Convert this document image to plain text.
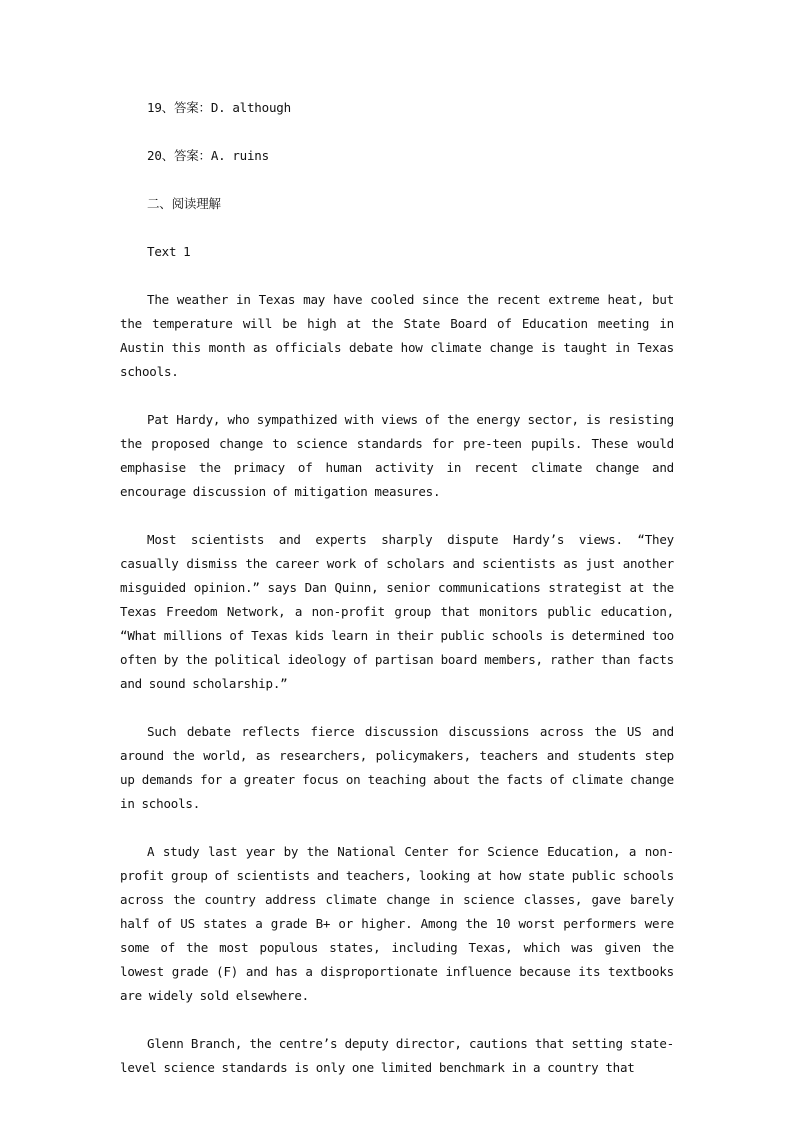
19、答案：D. although

20、答案：A. ruins

二、阅读理解

Text 1

The weather in Texas may have cooled since the recent extreme heat, but the temperature will be high at the State Board of Education meeting in Austin this month as officials debate how climate change is taught in Texas schools.

Pat Hardy, who sympathized with views of the energy sector, is resisting the proposed change to science standards for pre-teen pupils. These would emphasise the primacy of human activity in recent climate change and encourage discussion of mitigation measures.

Most scientists and experts sharply dispute Hardy’s views. “They casually dismiss the career work of scholars and scientists as just another misguided opinion.” says Dan Quinn, senior communications strategist at the Texas Freedom Network, a non-profit group that monitors public education, “What millions of Texas kids learn in their public schools is determined too often by the political ideology of partisan board members, rather than facts and sound scholarship.”

Such debate reflects fierce discussion discussions across the US and around the world, as researchers, policymakers, teachers and students step up demands for a greater focus on teaching about the facts of climate change in schools.

A study last year by the National Center for Science Education, a non-profit group of scientists and teachers, looking at how state public schools across the country address climate change in science classes, gave barely half of US states a grade B+ or higher. Among the 10 worst performers were some of the most populous states, including Texas, which was given the lowest grade (F) and has a disproportionate influence because its textbooks are widely sold elsewhere.

Glenn Branch, the centre’s deputy director, cautions that setting state-level science standards is only one limited benchmark in a country that
